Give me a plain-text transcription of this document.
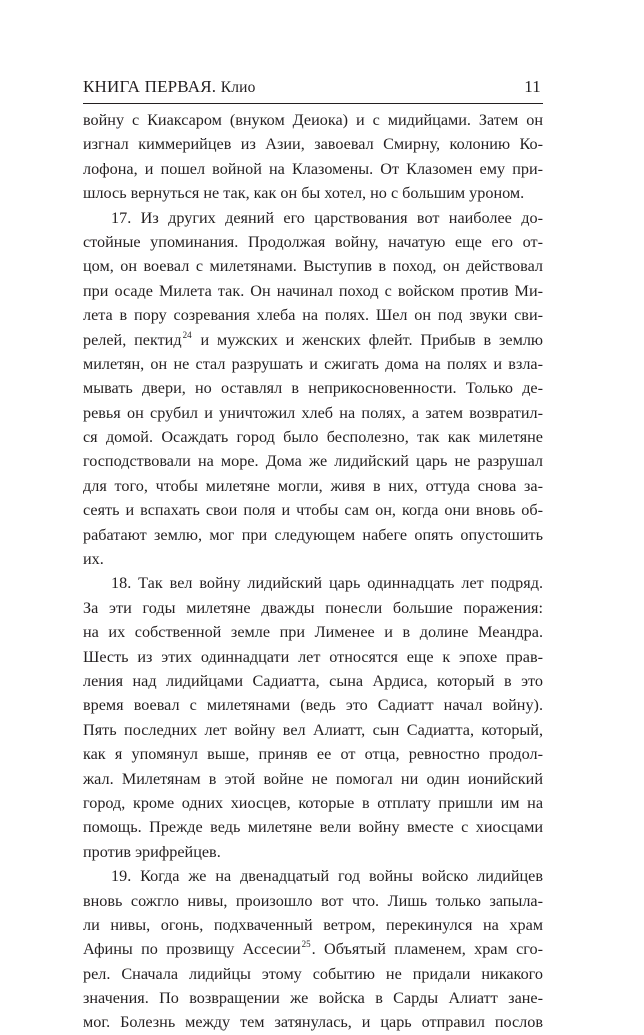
КНИГА ПЕРВАЯ. Клио	11
войну с Киаксаром (внуком Деиока) и с мидийцами. Затем он
изгнал киммерийцев из Азии, завоевал Смирну, колонию Ко-
лофона, и пошел войной на Клазомены. От Клазомен ему при-
шлось вернуться не так, как он бы хотел, но с большим уроном.
17. Из других деяний его царствования вот наиболее до-
стойные упоминания. Продолжая войну, начатую еще его от-
цом, он воевал с милетянами. Выступив в поход, он действовал
при осаде Милета так. Он начинал поход с войском против Ми-
лета в пору созревания хлеба на полях. Шел он под звуки сви-
релей, пектид$^{24}$ и мужских и женских флейт. Прибыв в землю
милетян, он не стал разрушать и сжигать дома на полях и взла-
мывать двери, но оставлял в неприкосновенности. Только де-
ревья он срубил и уничтожил хлеб на полях, а затем возвратил-
ся домой. Осаждать город было бесполезно, так как милетяне
господствовали на море. Дома же лидийский царь не разрушал
для того, чтобы милетяне могли, живя в них, оттуда снова за-
сеять и вспахать свои поля и чтобы сам он, когда они вновь об-
рабатают землю, мог при следующем набеге опять опустошить
их.
18. Так вел войну лидийский царь одиннадцать лет подряд.
За эти годы милетяне дважды понесли большие поражения:
на их собственной земле при Лименее и в долине Меандра.
Шесть из этих одиннадцати лет относятся еще к эпохе прав-
ления над лидийцами Садиатта, сына Ардиса, который в это
время воевал с милетянами (ведь это Садиатт начал войну).
Пять последних лет войну вел Алиатт, сын Садиатта, который,
как я упомянул выше, приняв ее от отца, ревностно продол-
жал. Милетянам в этой войне не помогал ни один ионийский
город, кроме одних хиосцев, которые в отплату пришли им на
помощь. Прежде ведь милетяне вели войну вместе с хиосцами
против эрифрейцев.
19. Когда же на двенадцатый год войны войско лидийцев
вновь сожгло нивы, произошло вот что. Лишь только запыла-
ли нивы, огонь, подхваченный ветром, перекинулся на храм
Афины по прозвищу Ассесии$^{25}$. Объятый пламенем, храм сго-
рел. Сначала лидийцы этому событию не придали никакого
значения. По возвращении же войска в Сарды Алиатт зане-
мог. Болезнь между тем затянулась, и царь отправил послов
